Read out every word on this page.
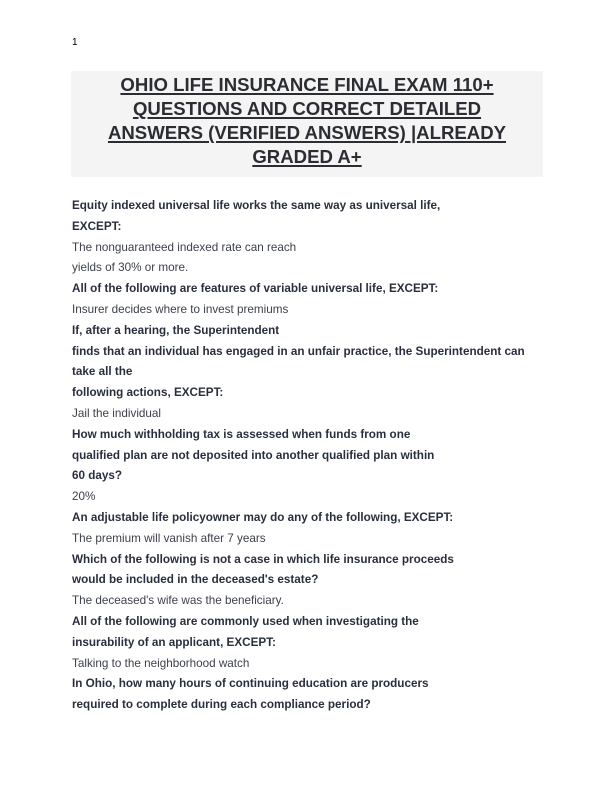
1
OHIO LIFE INSURANCE FINAL EXAM 110+
QUESTIONS AND CORRECT DETAILED
ANSWERS (VERIFIED ANSWERS) |ALREADY
GRADED A+
Equity indexed universal life works the same way as universal life,
EXCEPT:
The nonguaranteed indexed rate can reach
yields of 30% or more.
All of the following are features of variable universal life, EXCEPT:
Insurer decides where to invest premiums
If, after a hearing, the Superintendent
finds that an individual has engaged in an unfair practice, the Superintendent can
take all the
following actions, EXCEPT:
Jail the individual
How much withholding tax is assessed when funds from one
qualified plan are not deposited into another qualified plan within
60 days?
20%
An adjustable life policyowner may do any of the following, EXCEPT:
The premium will vanish after 7 years
Which of the following is not a case in which life insurance proceeds
would be included in the deceased's estate?
The deceased's wife was the beneficiary.
All of the following are commonly used when investigating the
insurability of an applicant, EXCEPT:
Talking to the neighborhood watch
In Ohio, how many hours of continuing education are producers
required to complete during each compliance period?
